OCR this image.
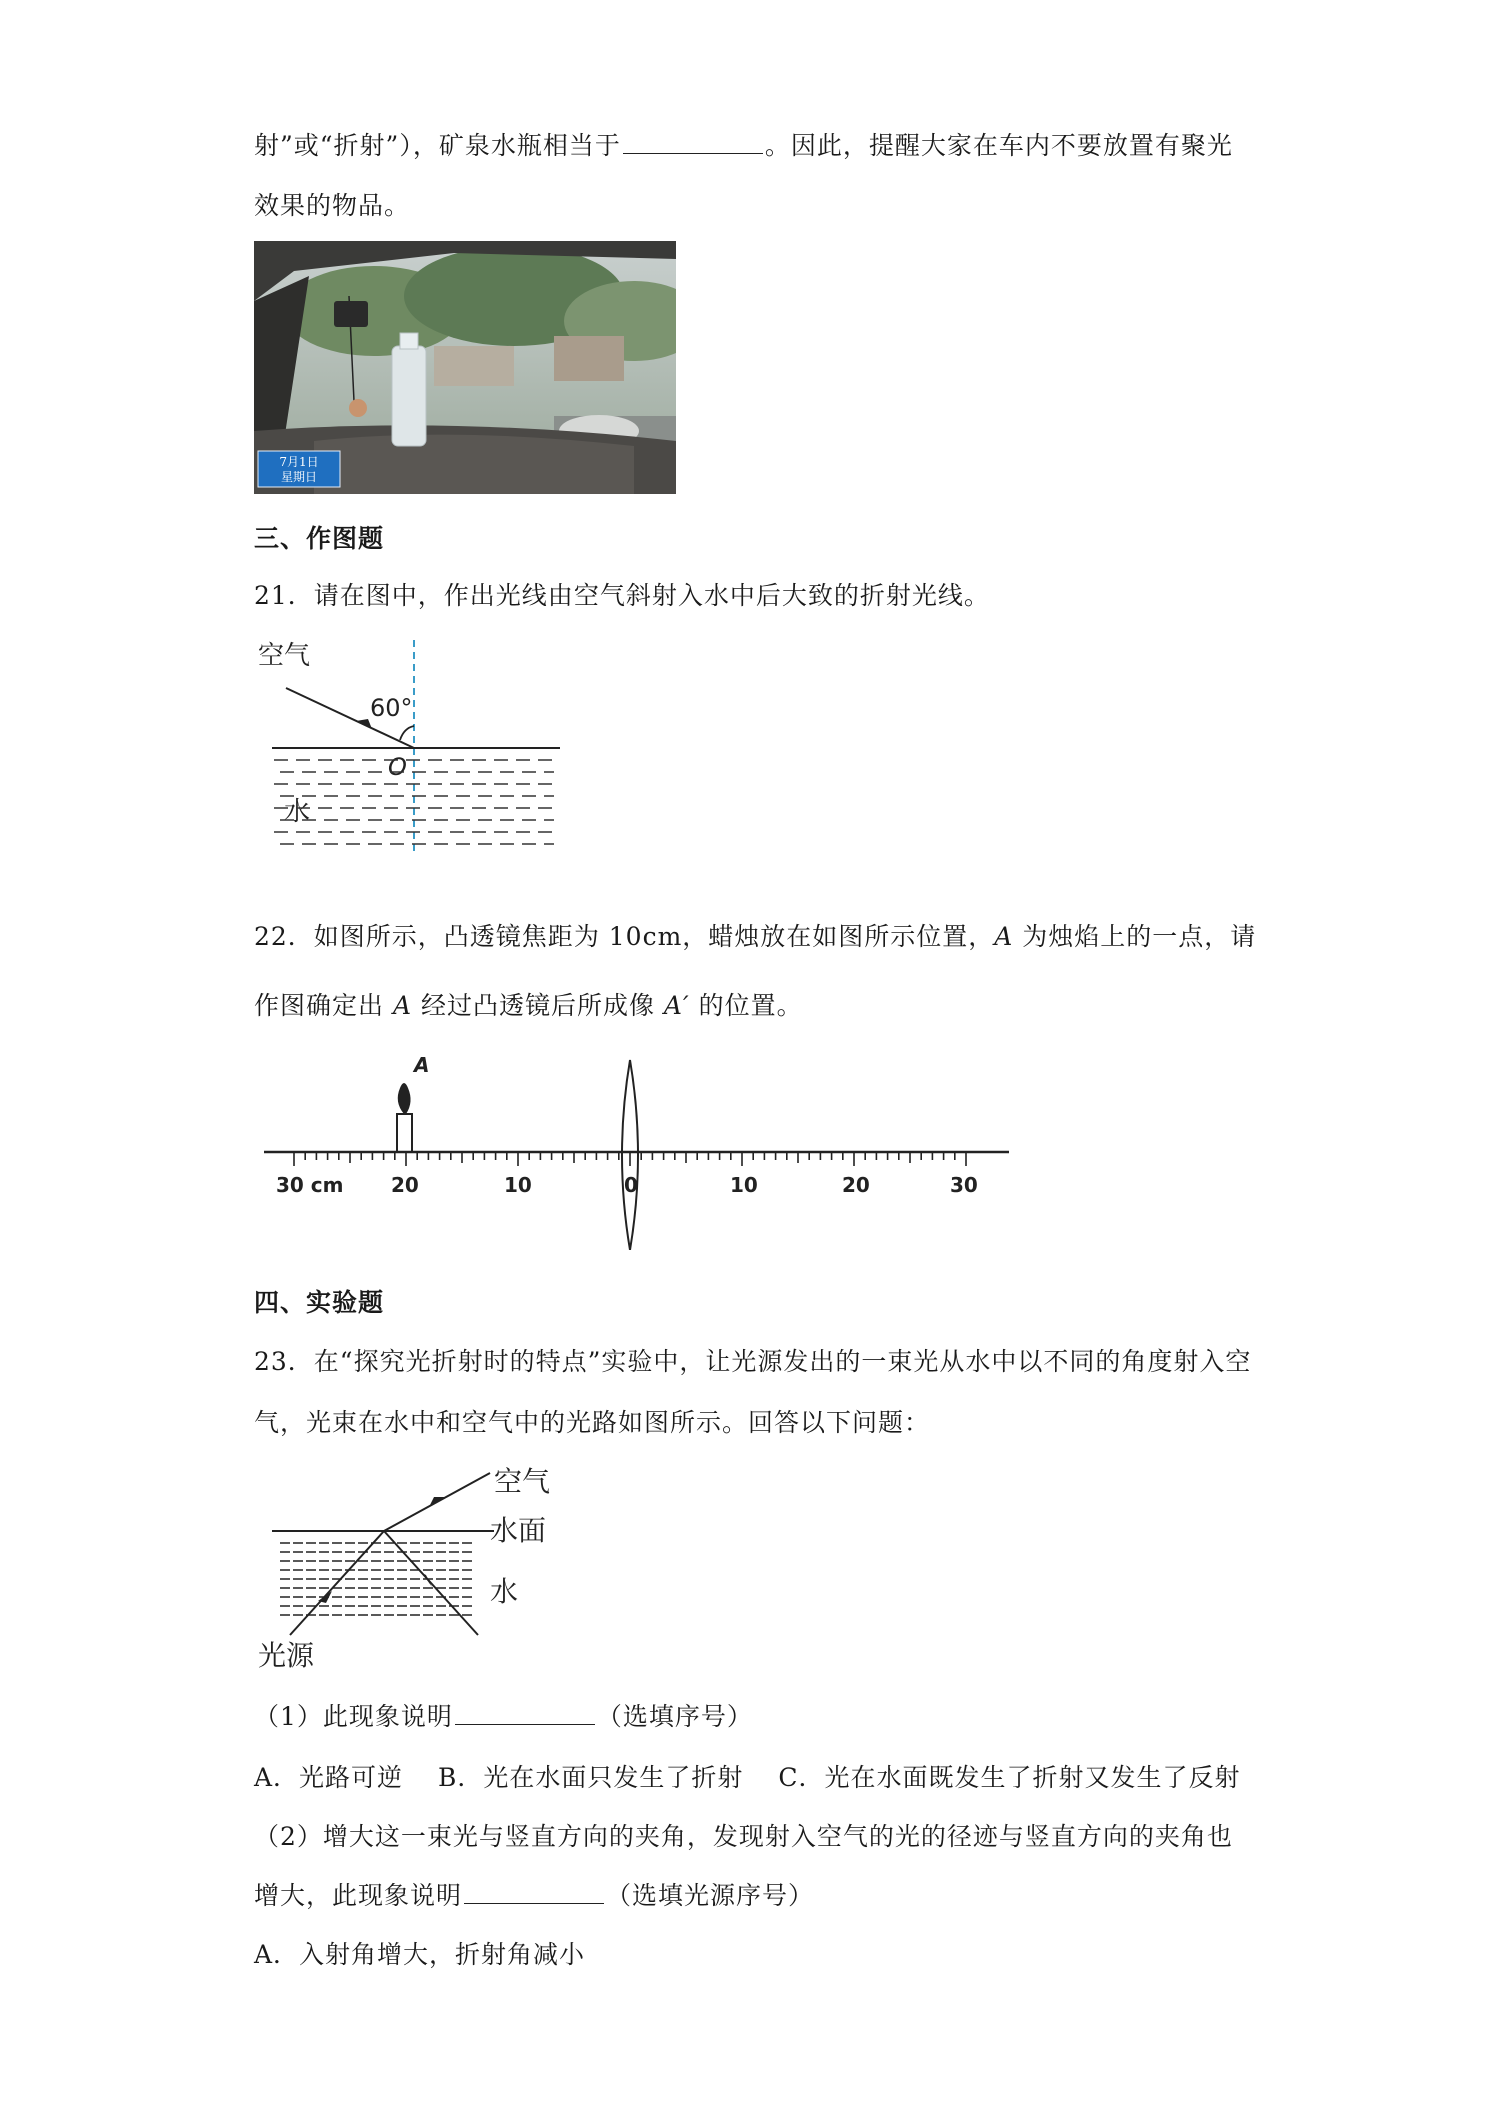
射”或“折射”），矿泉水瓶相当于	。因此，提醒大家在车内不要放置有聚光
效果的物品。
7月1日
星期日
三、作图题
21．请在图中，作出光线由空气斜射入水中后大致的折射光线。
空气
60°
O
水
22．如图所示，凸透镜焦距为 10cm，蜡烛放在如图所示位置，A 为烛焰上的一点，请
作图确定出 A 经过凸透镜后所成像 A′ 的位置。
A
30 cm 20	10	0	10	20	30
四、实验题
23．在“探究光折射时的特点”实验中，让光源发出的一束光从水中以不同的角度射入空
气，光束在水中和空气中的光路如图所示。回答以下问题：
空气
水面
水
光源
（1）此现象说明	（选填序号）
A．光路可逆　 B．光在水面只发生了折射　 C．光在水面既发生了折射又发生了反射
（2）增大这一束光与竖直方向的夹角，发现射入空气的光的径迹与竖直方向的夹角也
增大，此现象说明	（选填光源序号）
A．入射角增大，折射角减小
